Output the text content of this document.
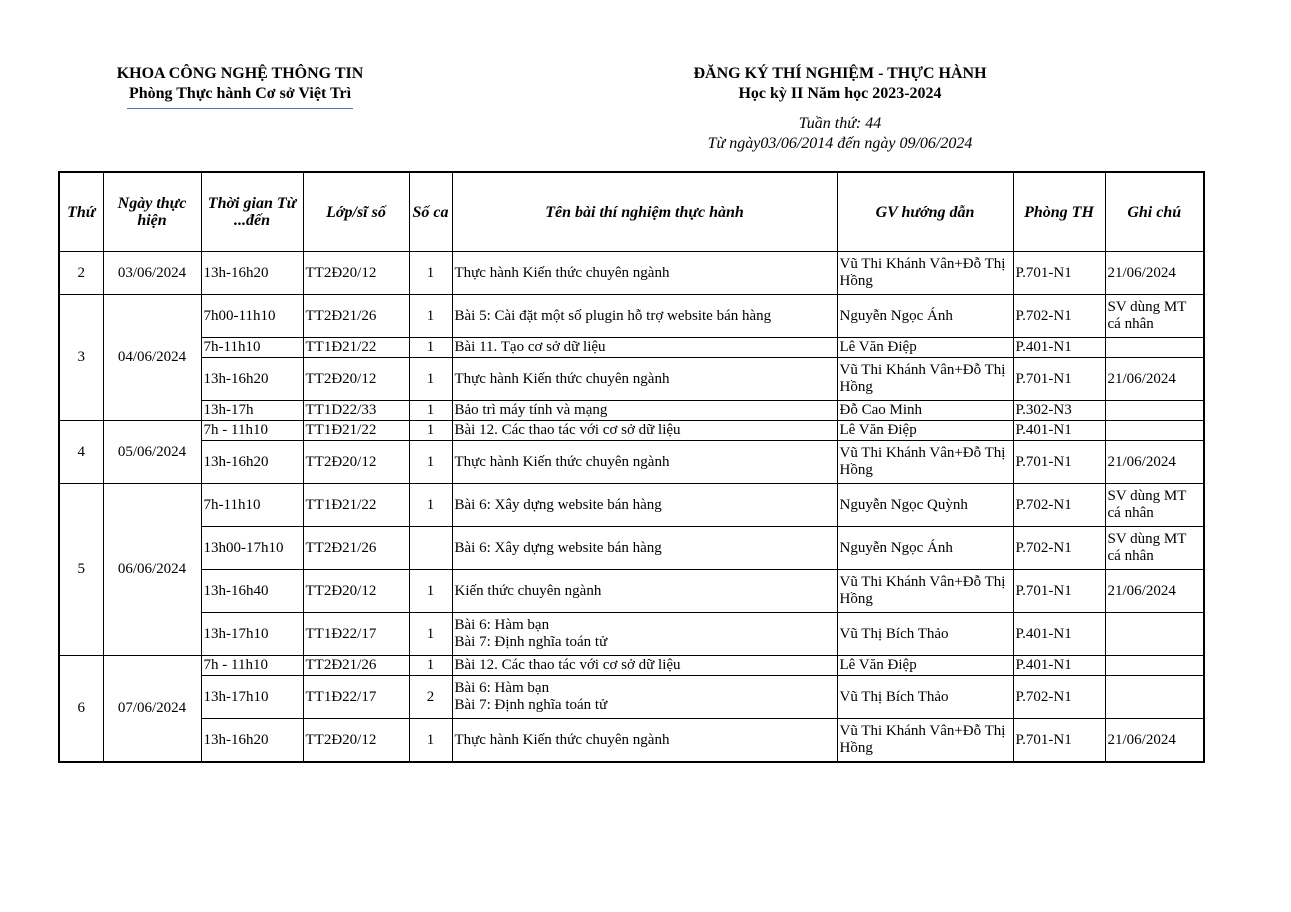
KHOA CÔNG NGHỆ THÔNG TIN
Phòng Thực hành Cơ sở Việt Trì
ĐĂNG KÝ THÍ NGHIỆM - THỰC HÀNH
Học kỳ II Năm học 2023-2024
Tuần thứ: 44
Từ ngày03/06/2014 đến ngày 09/06/2024
Thứ	Ngày thực hiện	Thời gian Từ ...đến	Lớp/sĩ số	Số ca	Tên bài thí nghiệm thực hành	GV hướng dẫn	Phòng TH	Ghi chú
2	03/06/2024	13h-16h20	TT2Đ20/12	1	Thực hành Kiến thức chuyên ngành	Vũ Thi Khánh Vân+Đỗ Thị Hồng	P.701-N1	21/06/2024
3	04/06/2024	7h00-11h10	TT2Đ21/26	1	Bài 5: Cài đặt một số plugin hỗ trợ website bán hàng	Nguyễn Ngọc Ánh	P.702-N1	SV dùng MT cá nhân
		7h-11h10	TT1Đ21/22	1	Bài 11. Tạo cơ sở dữ liệu	Lê Văn Điệp	P.401-N1	
		13h-16h20	TT2Đ20/12	1	Thực hành Kiến thức chuyên ngành	Vũ Thi Khánh Vân+Đỗ Thị Hồng	P.701-N1	21/06/2024
		13h-17h	TT1D22/33	1	Bảo trì máy tính và mạng	Đỗ Cao Minh	P.302-N3	
4	05/06/2024	7h - 11h10	TT1Đ21/22	1	Bài 12. Các thao tác với cơ sở dữ liệu	Lê Văn Điệp	P.401-N1	
		13h-16h20	TT2Đ20/12	1	Thực hành Kiến thức chuyên ngành	Vũ Thi Khánh Vân+Đỗ Thị Hồng	P.701-N1	21/06/2024
5	06/06/2024	7h-11h10	TT1Đ21/22	1	Bài 6: Xây dựng website bán hàng	Nguyễn Ngọc Quỳnh	P.702-N1	SV dùng MT cá nhân
		13h00-17h10	TT2Đ21/26		Bài 6: Xây dựng website bán hàng	Nguyễn Ngọc Ánh	P.702-N1	SV dùng MT cá nhân
		13h-16h40	TT2Đ20/12	1	Kiến thức chuyên ngành	Vũ Thi Khánh Vân+Đỗ Thị Hồng	P.701-N1	21/06/2024
		13h-17h10	TT1Đ22/17	1	Bài 6: Hàm bạn
Bài 7: Định nghĩa toán tử	Vũ Thị Bích Thảo	P.401-N1	
6	07/06/2024	7h - 11h10	TT2Đ21/26	1	Bài 12. Các thao tác với cơ sở dữ liệu	Lê Văn Điệp	P.401-N1	
		13h-17h10	TT1Đ22/17	2	Bài 6: Hàm bạn
Bài 7: Định nghĩa toán tử	Vũ Thị Bích Thảo	P.702-N1	
		13h-16h20	TT2Đ20/12	1	Thực hành Kiến thức chuyên ngành	Vũ Thi Khánh Vân+Đỗ Thị Hồng	P.701-N1	21/06/2024
